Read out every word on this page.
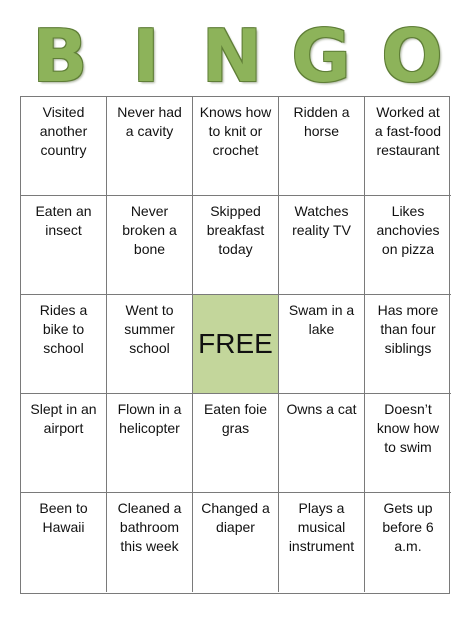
B I N G O
Visited
another
country
Never had
a cavity
Knows how
to knit or
crochet
Ridden a
horse
Worked at
a fast-food
restaurant
Eaten an
insect
Never
broken a
bone
Skipped
breakfast
today
Watches
reality TV
Likes
anchovies
on pizza
Rides a
bike to
school
Went to
summer
school	FREE
Swam in a
lake
Has more
than four
siblings
Slept in an
airport
Flown in a
helicopter
Eaten foie
gras
Owns a cat	Doesn’t
know how
to swim
Been to
Hawaii
Cleaned a
bathroom
this week
Changed a
diaper
Plays a
musical
instrument
Gets up
before 6
a.m.
